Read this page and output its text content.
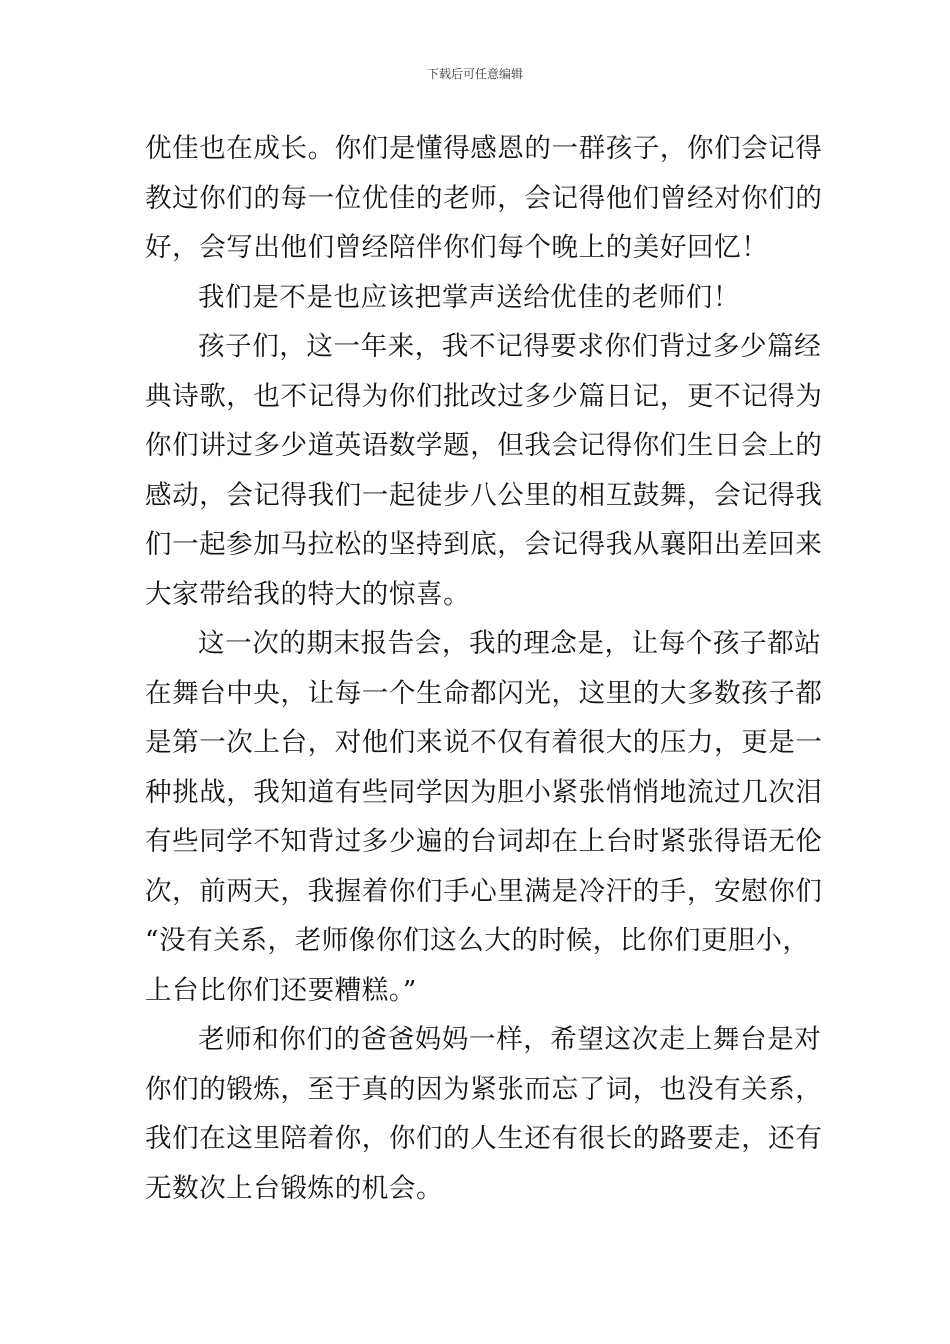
下载后可任意编辑
优佳也在成长。你们是懂得感恩的一群孩子，你们会记得
教过你们的每一位优佳的老师，会记得他们曾经对你们的
好，会写出他们曾经陪伴你们每个晚上的美好回忆！
我们是不是也应该把掌声送给优佳的老师们！
孩子们，这一年来，我不记得要求你们背过多少篇经
典诗歌，也不记得为你们批改过多少篇日记，更不记得为
你们讲过多少道英语数学题，但我会记得你们生日会上的
感动，会记得我们一起徒步八公里的相互鼓舞，会记得我
们一起参加马拉松的坚持到底，会记得我从襄阳出差回来
大家带给我的特大的惊喜。
这一次的期末报告会，我的理念是，让每个孩子都站
在舞台中央，让每一个生命都闪光，这里的大多数孩子都
是第一次上台，对他们来说不仅有着很大的压力，更是一
种挑战，我知道有些同学因为胆小紧张悄悄地流过几次泪
有些同学不知背过多少遍的台词却在上台时紧张得语无伦
次，前两天，我握着你们手心里满是冷汗的手，安慰你们
“没有关系，老师像你们这么大的时候，比你们更胆小，
上台比你们还要糟糕。”
老师和你们的爸爸妈妈一样，希望这次走上舞台是对
你们的锻炼，至于真的因为紧张而忘了词，也没有关系，
我们在这里陪着你，你们的人生还有很长的路要走，还有
无数次上台锻炼的机会。
